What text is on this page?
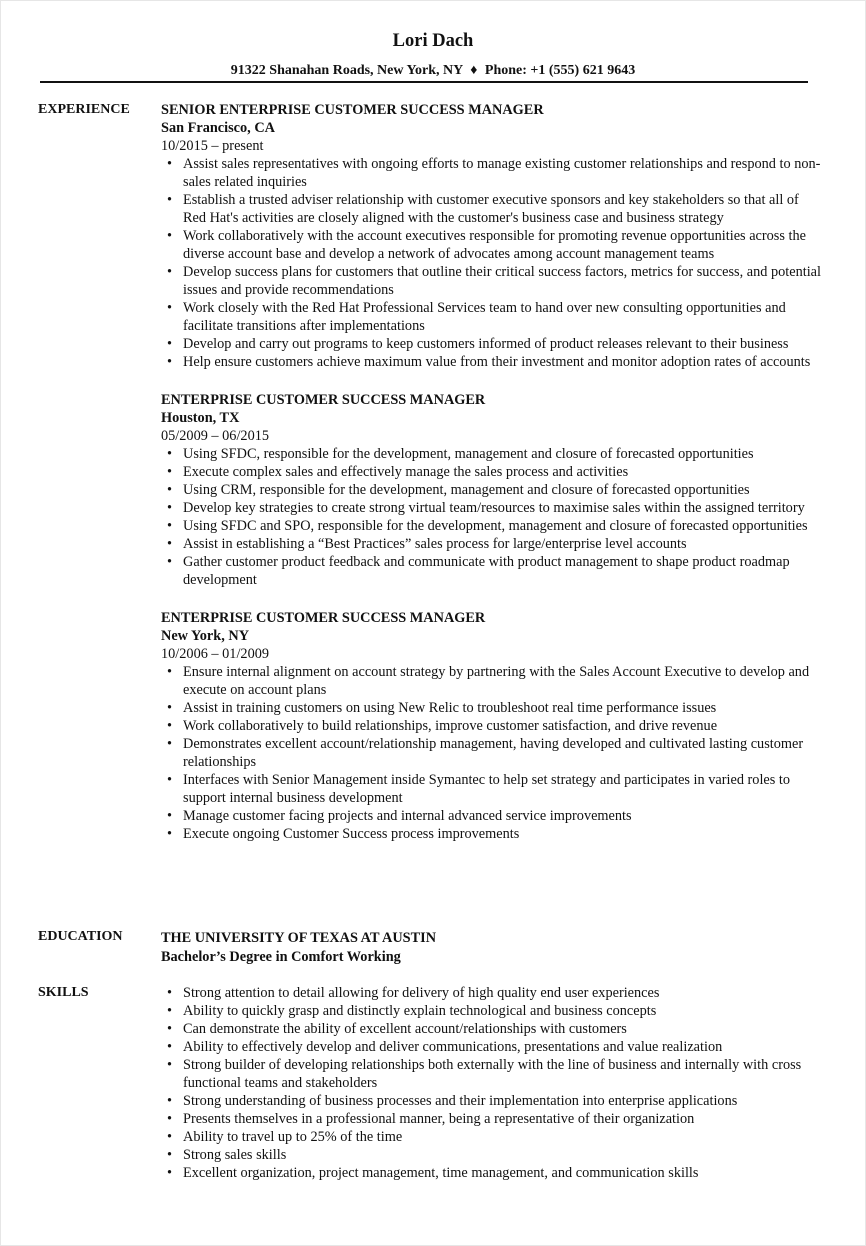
Lori Dach
91322 Shanahan Roads, New York, NY ♦ Phone: +1 (555) 621 9643
EXPERIENCE SENIOR ENTERPRISE CUSTOMER SUCCESS MANAGER
San Francisco, CA
10/2015 – present
• Assist sales representatives with ongoing efforts to manage existing customer relationships and respond to non-sales related inquiries
• Establish a trusted adviser relationship with customer executive sponsors and key stakeholders so that all of Red Hat's activities are closely aligned with the customer's business case and business strategy
• Work collaboratively with the account executives responsible for promoting revenue opportunities across the diverse account base and develop a network of advocates among account management teams
• Develop success plans for customers that outline their critical success factors, metrics for success, and potential issues and provide recommendations
• Work closely with the Red Hat Professional Services team to hand over new consulting opportunities and facilitate transitions after implementations
• Develop and carry out programs to keep customers informed of product releases relevant to their business
• Help ensure customers achieve maximum value from their investment and monitor adoption rates of accounts
ENTERPRISE CUSTOMER SUCCESS MANAGER
Houston, TX
05/2009 – 06/2015
• Using SFDC, responsible for the development, management and closure of forecasted opportunities
• Execute complex sales and effectively manage the sales process and activities
• Using CRM, responsible for the development, management and closure of forecasted opportunities
• Develop key strategies to create strong virtual team/resources to maximise sales within the assigned territory
• Using SFDC and SPO, responsible for the development, management and closure of forecasted opportunities
• Assist in establishing a “Best Practices” sales process for large/enterprise level accounts
• Gather customer product feedback and communicate with product management to shape product roadmap development
ENTERPRISE CUSTOMER SUCCESS MANAGER
New York, NY
10/2006 – 01/2009
• Ensure internal alignment on account strategy by partnering with the Sales Account Executive to develop and execute on account plans
• Assist in training customers on using New Relic to troubleshoot real time performance issues
• Work collaboratively to build relationships, improve customer satisfaction, and drive revenue
• Demonstrates excellent account/relationship management, having developed and cultivated lasting customer relationships
• Interfaces with Senior Management inside Symantec to help set strategy and participates in varied roles to support internal business development
• Manage customer facing projects and internal advanced service improvements
• Execute ongoing Customer Success process improvements
EDUCATION	THE UNIVERSITY OF TEXAS AT AUSTIN
Bachelor’s Degree in Comfort Working
SKILLS
•	Strong attention to detail allowing for delivery of high quality end user experiences
• Ability to quickly grasp and distinctly explain technological and business concepts
• Can demonstrate the ability of excellent account/relationships with customers
• Ability to effectively develop and deliver communications, presentations and value realization
• Strong builder of developing relationships both externally with the line of business and internally with cross functional teams and stakeholders
• Strong understanding of business processes and their implementation into enterprise applications
• Presents themselves in a professional manner, being a representative of their organization
• Ability to travel up to 25% of the time
• Strong sales skills
• Excellent organization, project management, time management, and communication skills
